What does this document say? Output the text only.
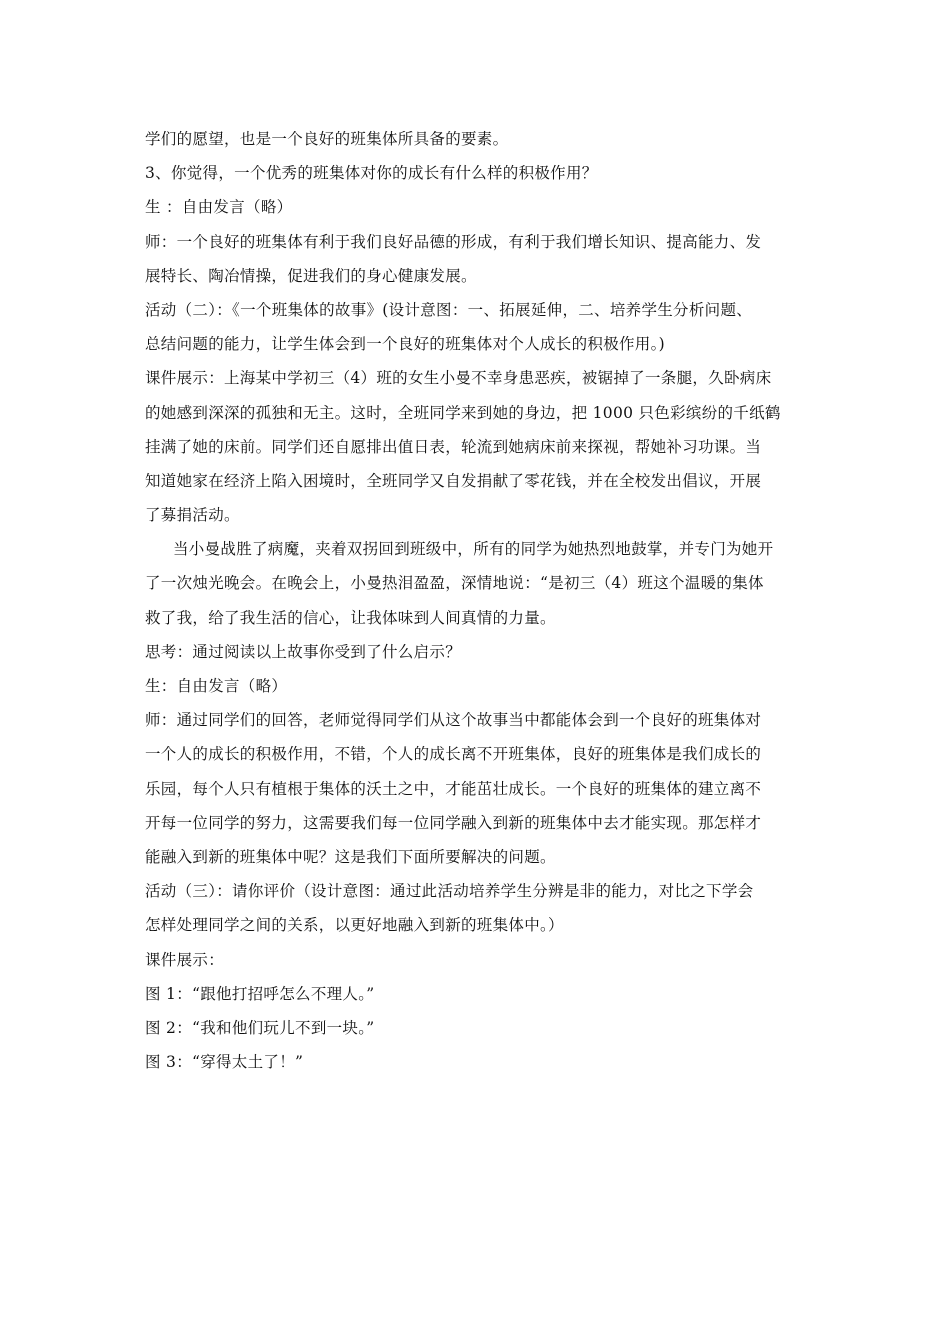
学们的愿望，也是一个良好的班集体所具备的要素。
3、你觉得，一个优秀的班集体对你的成长有什么样的积极作用？
生 ：自由发言（略）
师：一个良好的班集体有利于我们良好品德的形成，有利于我们增长知识、提高能力、发
展特长、陶冶情操，促进我们的身心健康发展。
活动（二）：《一个班集体的故事》(设计意图：一、拓展延伸，二、培养学生分析问题、
总结问题的能力，让学生体会到一个良好的班集体对个人成长的积极作用。)
课件展示：上海某中学初三（4）班的女生小曼不幸身患恶疾，被锯掉了一条腿，久卧病床
的她感到深深的孤独和无主。这时，全班同学来到她的身边，把 1000 只色彩缤纷的千纸鹤
挂满了她的床前。同学们还自愿排出值日表，轮流到她病床前来探视，帮她补习功课。当
知道她家在经济上陷入困境时，全班同学又自发捐献了零花钱，并在全校发出倡议，开展
了募捐活动。
当小曼战胜了病魔，夹着双拐回到班级中，所有的同学为她热烈地鼓掌，并专门为她开
了一次烛光晚会。在晚会上，小曼热泪盈盈，深情地说：“是初三（4）班这个温暖的集体
救了我，给了我生活的信心，让我体味到人间真情的力量。
思考：通过阅读以上故事你受到了什么启示？
生：自由发言（略）
师：通过同学们的回答，老师觉得同学们从这个故事当中都能体会到一个良好的班集体对
一个人的成长的积极作用，不错，个人的成长离不开班集体，良好的班集体是我们成长的
乐园，每个人只有植根于集体的沃土之中，才能茁壮成长。一个良好的班集体的建立离不
开每一位同学的努力，这需要我们每一位同学融入到新的班集体中去才能实现。那怎样才
能融入到新的班集体中呢？这是我们下面所要解决的问题。
活动（三）：请你评价（设计意图：通过此活动培养学生分辨是非的能力，对比之下学会
怎样处理同学之间的关系，以更好地融入到新的班集体中。）
课件展示：
图 1：“跟他打招呼怎么不理人。”
图 2：“我和他们玩儿不到一块。”
图 3：“穿得太土了！”
